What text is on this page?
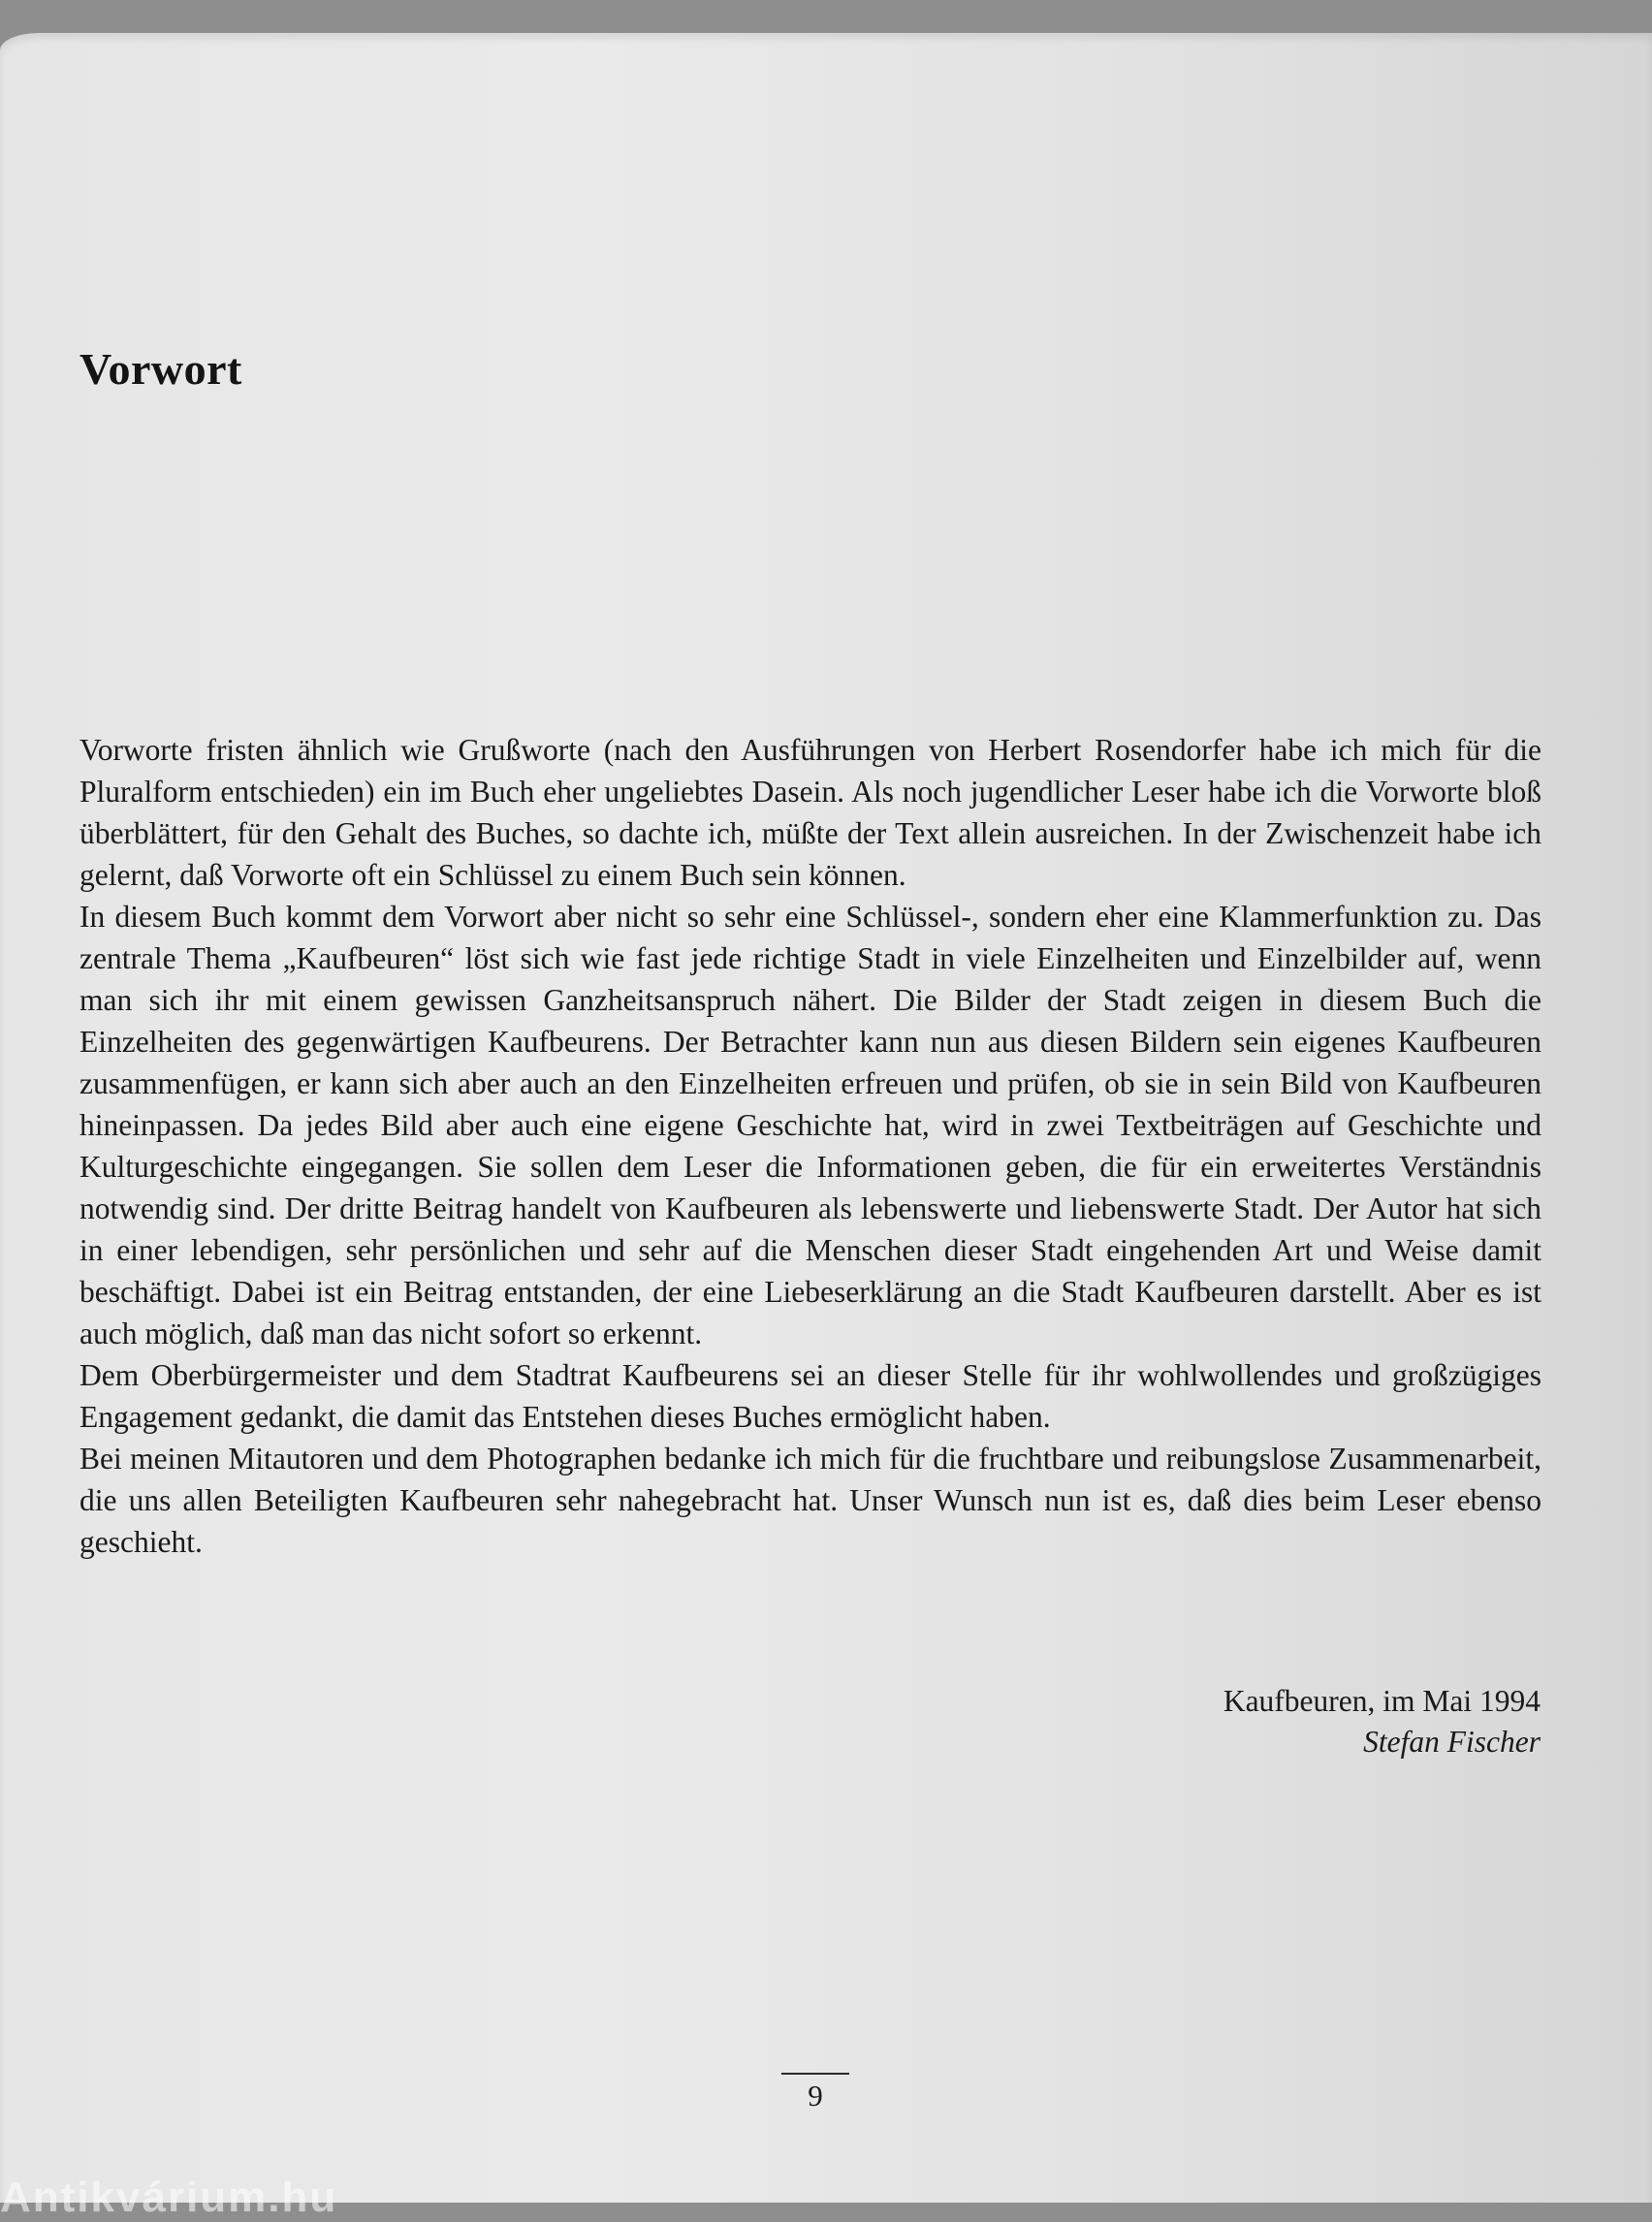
Vorwort

Vorworte fristen ähnlich wie Grußworte (nach den Ausführungen von Herbert Rosendorfer habe ich mich für die Pluralform entschieden) ein im Buch eher ungeliebtes Dasein. Als noch jugendlicher Leser habe ich die Vorworte bloß überblättert, für den Gehalt des Buches, so dachte ich, müßte der Text allein ausreichen. In der Zwischenzeit habe ich gelernt, daß Vorworte oft ein Schlüssel zu einem Buch sein können.

In diesem Buch kommt dem Vorwort aber nicht so sehr eine Schlüssel-, sondern eher eine Klammerfunktion zu. Das zentrale Thema „Kaufbeuren“ löst sich wie fast jede richtige Stadt in viele Einzelheiten und Einzelbilder auf, wenn man sich ihr mit einem gewissen Ganzheitsanspruch nähert. Die Bilder der Stadt zeigen in diesem Buch die Einzelheiten des gegenwärtigen Kaufbeurens. Der Betrachter kann nun aus diesen Bildern sein eigenes Kaufbeuren zusammenfügen, er kann sich aber auch an den Einzelheiten erfreuen und prüfen, ob sie in sein Bild von Kaufbeuren hineinpassen. Da jedes Bild aber auch eine eigene Geschichte hat, wird in zwei Textbeiträgen auf Geschichte und Kulturgeschichte eingegangen. Sie sollen dem Leser die Informationen geben, die für ein erweitertes Verständnis notwendig sind. Der dritte Beitrag handelt von Kaufbeuren als lebenswerte und liebenswerte Stadt. Der Autor hat sich in einer lebendigen, sehr persönlichen und sehr auf die Menschen dieser Stadt eingehenden Art und Weise damit beschäftigt. Dabei ist ein Beitrag entstanden, der eine Liebeserklärung an die Stadt Kaufbeuren darstellt. Aber es ist auch möglich, daß man das nicht sofort so erkennt.

Dem Oberbürgermeister und dem Stadtrat Kaufbeurens sei an dieser Stelle für ihr wohlwollendes und großzügiges Engagement gedankt, die damit das Entstehen dieses Buches ermöglicht haben.

Bei meinen Mitautoren und dem Photographen bedanke ich mich für die fruchtbare und reibungslose Zusammenarbeit, die uns allen Beteiligten Kaufbeuren sehr nahegebracht hat. Unser Wunsch nun ist es, daß dies beim Leser ebenso geschieht.

Kaufbeuren, im Mai 1994
Stefan Fischer
9
Antikvárium.hu
